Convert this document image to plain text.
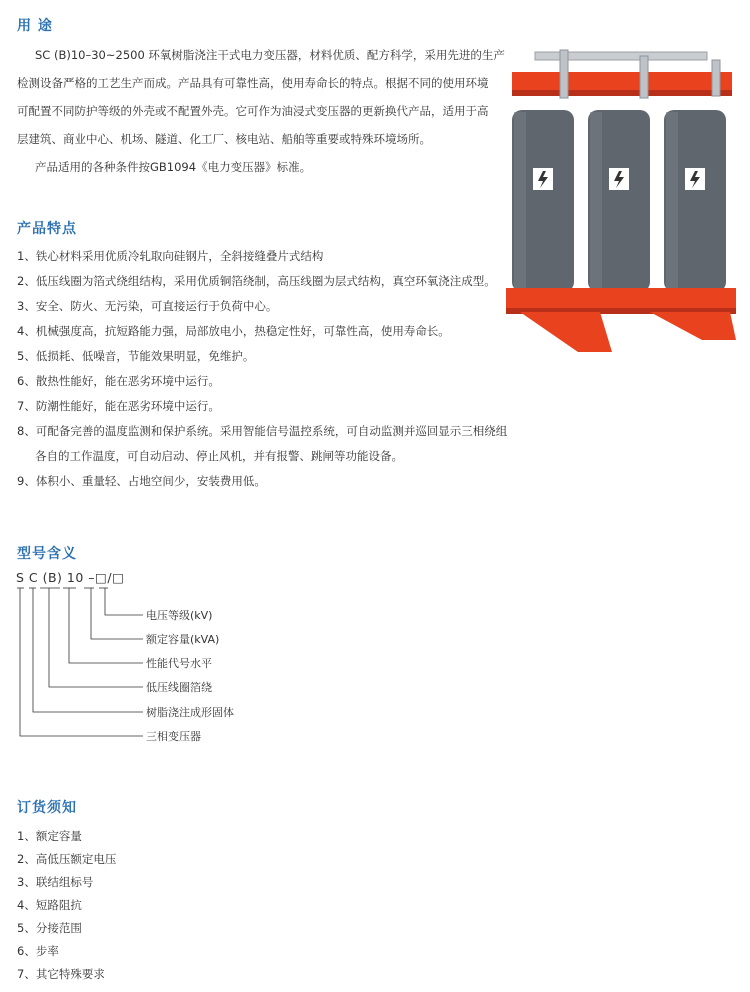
用 途

SC (B)10–30~2500 环氧树脂浇注干式电力变压器，材料优质、配方科学，采用先进的生产

检测设备严格的工艺生产而成。产品具有可靠性高，使用寿命长的特点。根据不同的使用环境

可配置不同防护等级的外壳或不配置外壳。它可作为油浸式变压器的更新换代产品，适用于高

层建筑、商业中心、机场、隧道、化工厂、核电站、船舶等重要或特殊环境场所。

产品适用的各种条件按GB1094《电力变压器》标准。

产品特点

1、铁心材料采用优质冷轧取向硅钢片，全斜接缝叠片式结构

2、低压线圈为箔式绕组结构，采用优质铜箔绕制，高压线圈为层式结构，真空环氧浇注成型。

3、安全、防火、无污染，可直接运行于负荷中心。

4、机械强度高，抗短路能力强，局部放电小，热稳定性好，可靠性高，使用寿命长。

5、低损耗、低噪音，节能效果明显，免维护。

6、散热性能好，能在恶劣环境中运行。

7、防潮性能好，能在恶劣环境中运行。

8、可配备完善的温度监测和保护系统。采用智能信号温控系统，可自动监测并巡回显示三相绕组

各自的工作温度，可自动启动、停止风机，并有报警、跳闸等功能设备。

9、体积小、重量轻、占地空间少，安装费用低。

型号含义
S C (B) 10 –□/□
电压等级(kV)
额定容量(kVA)
性能代号水平
低压线圈箔绕
树脂浇注成形固体
三相变压器
订货须知

1、额定容量

2、高低压额定电压

3、联结组标号

4、短路阻抗

5、分接范围

6、步率

7、其它特殊要求
